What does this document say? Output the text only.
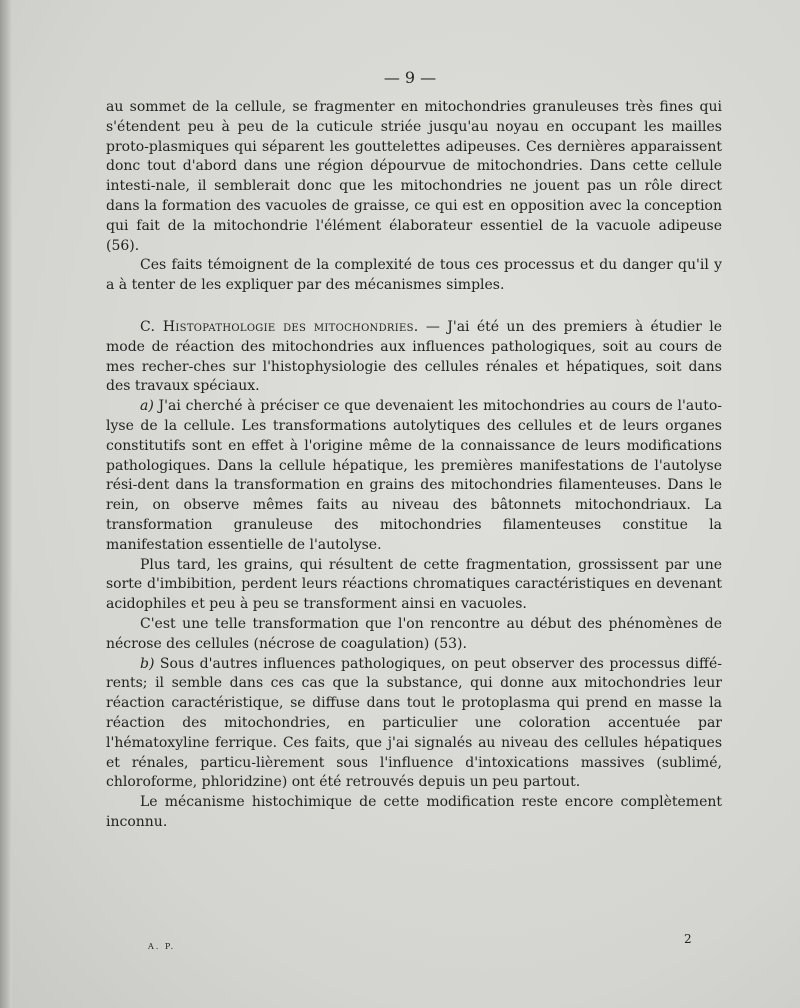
— 9 —

au sommet de la cellule, se fragmenter en mitochondries granuleuses très fines qui s'étendent peu à peu de la cuticule striée jusqu'au noyau en occupant les mailles proto-plasmiques qui séparent les gouttelettes adipeuses. Ces dernières apparaissent donc tout d'abord dans une région dépourvue de mitochondries. Dans cette cellule intesti-nale, il semblerait donc que les mitochondries ne jouent pas un rôle direct dans la formation des vacuoles de graisse, ce qui est en opposition avec la conception qui fait de la mitochondrie l'élément élaborateur essentiel de la vacuole adipeuse (56).

Ces faits témoignent de la complexité de tous ces processus et du danger qu'il y a à tenter de les expliquer par des mécanismes simples.

C. Histopathologie des mitochondries. — J'ai été un des premiers à étudier le mode de réaction des mitochondries aux influences pathologiques, soit au cours de mes recher-ches sur l'histophysiologie des cellules rénales et hépatiques, soit dans des travaux spéciaux.

a) J'ai cherché à préciser ce que devenaient les mitochondries au cours de l'auto-lyse de la cellule. Les transformations autolytiques des cellules et de leurs organes constitutifs sont en effet à l'origine même de la connaissance de leurs modifications pathologiques. Dans la cellule hépatique, les premières manifestations de l'autolyse rési-dent dans la transformation en grains des mitochondries filamenteuses. Dans le rein, on observe mêmes faits au niveau des bâtonnets mitochondriaux. La transformation granuleuse des mitochondries filamenteuses constitue la manifestation essentielle de l'autolyse.

Plus tard, les grains, qui résultent de cette fragmentation, grossissent par une sorte d'imbibition, perdent leurs réactions chromatiques caractéristiques en devenant acidophiles et peu à peu se transforment ainsi en vacuoles.

C'est une telle transformation que l'on rencontre au début des phénomènes de nécrose des cellules (nécrose de coagulation) (53).

b) Sous d'autres influences pathologiques, on peut observer des processus diffé-rents; il semble dans ces cas que la substance, qui donne aux mitochondries leur réaction caractéristique, se diffuse dans tout le protoplasma qui prend en masse la réaction des mitochondries, en particulier une coloration accentuée par l'hématoxyline ferrique. Ces faits, que j'ai signalés au niveau des cellules hépatiques et rénales, particu-lièrement sous l'influence d'intoxications massives (sublimé, chloroforme, phloridzine) ont été retrouvés depuis un peu partout.

Le mécanisme histochimique de cette modification reste encore complètement inconnu.

A. P.
2
